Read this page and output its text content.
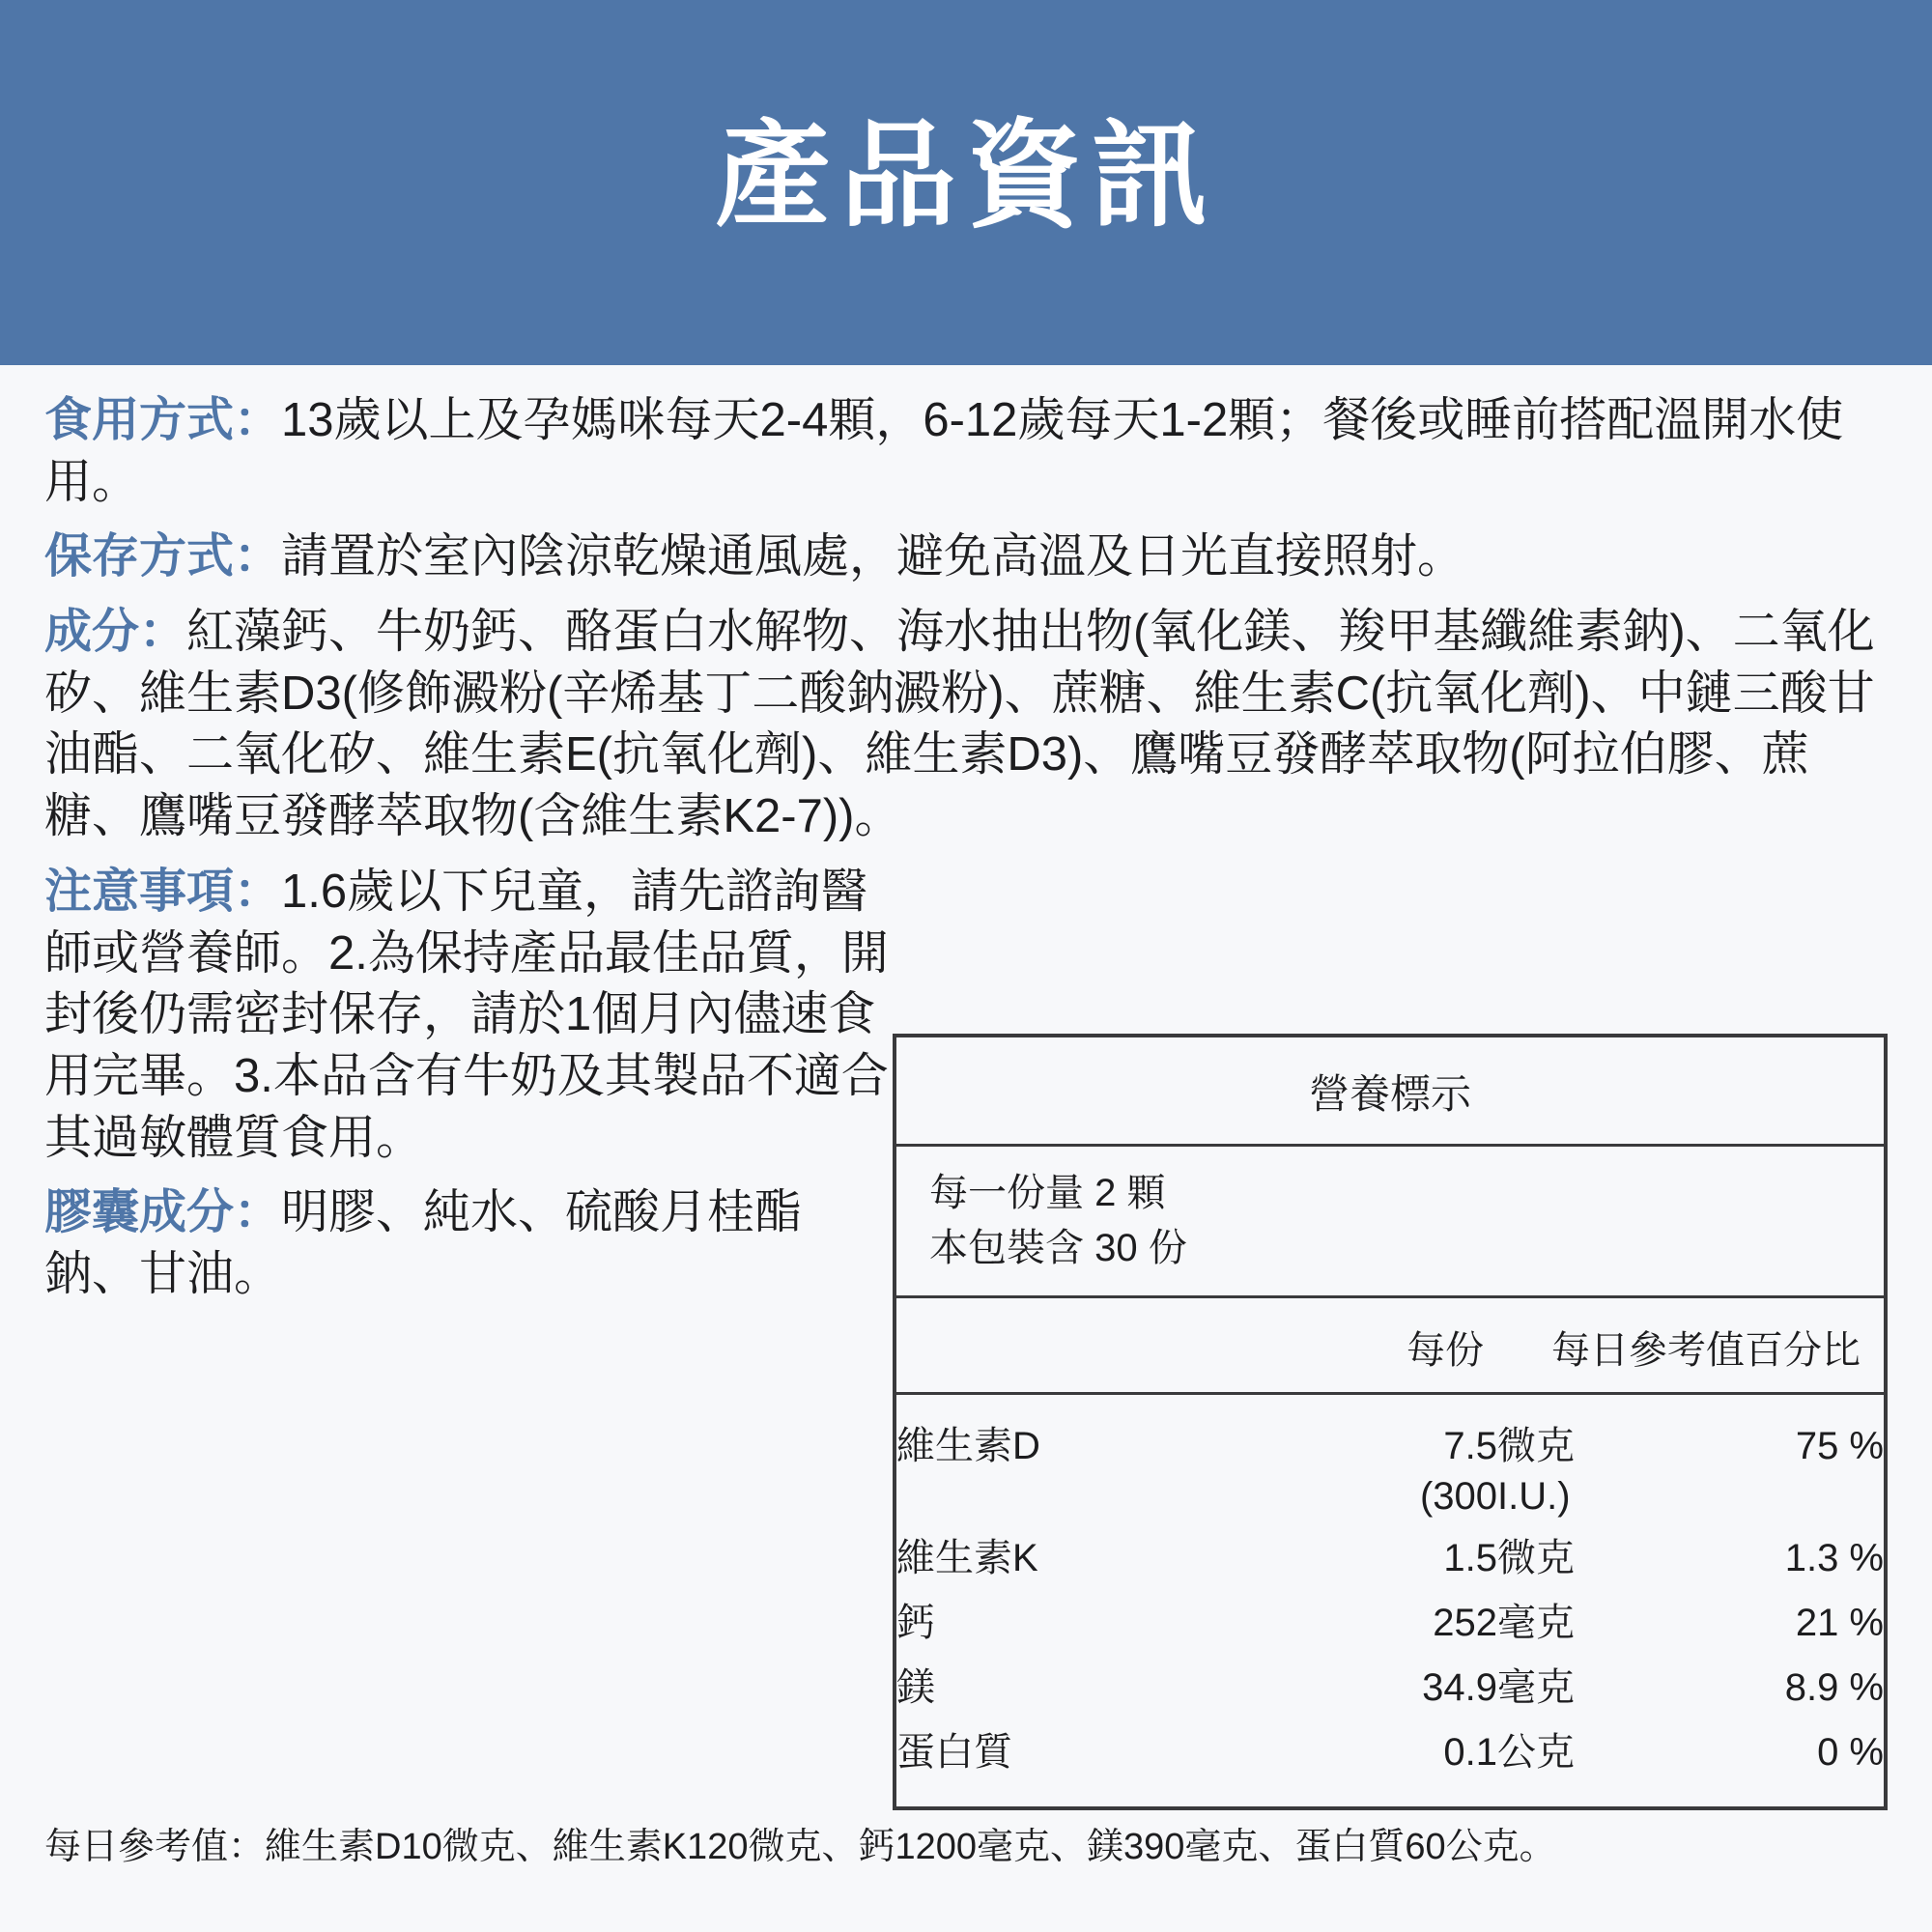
產品資訊

食用方式：13歲以上及孕媽咪每天2-4顆，6-12歲每天1-2顆；餐後或睡前搭配溫開水使用。

保存方式：請置於室內陰涼乾燥通風處，避免高溫及日光直接照射。

成分：紅藻鈣、牛奶鈣、酪蛋白水解物、海水抽出物(氧化鎂、羧甲基纖維素鈉)、二氧化矽、維生素D3(修飾澱粉(辛烯基丁二酸鈉澱粉)、蔗糖、維生素C(抗氧化劑)、中鏈三酸甘油酯、二氧化矽、維生素E(抗氧化劑)、維生素D3)、鷹嘴豆發酵萃取物(阿拉伯膠、蔗糖、鷹嘴豆發酵萃取物(含維生素K2-7))。

注意事項：1.6歲以下兒童，請先諮詢醫師或營養師。2.為保持產品最佳品質，開封後仍需密封保存，請於1個月內儘速食用完畢。3.本品含有牛奶及其製品不適合其過敏體質食用。

膠囊成分：明膠、純水、硫酸月桂酯鈉、甘油。

營養標示
每一份量 2 顆
本包裝含 30 份
每份	每日參考值百分比
維生素D	7.5	微克	75 %
	(300	I.U.)	
維生素K	1.5	微克	1.3 %
鈣	252	毫克	21 %
鎂	34.9	毫克	8.9 %
蛋白質	0.1	公克	0 %
每日參考值：維生素D10微克、維生素K120微克、鈣1200毫克、鎂390毫克、蛋白質60公克。
